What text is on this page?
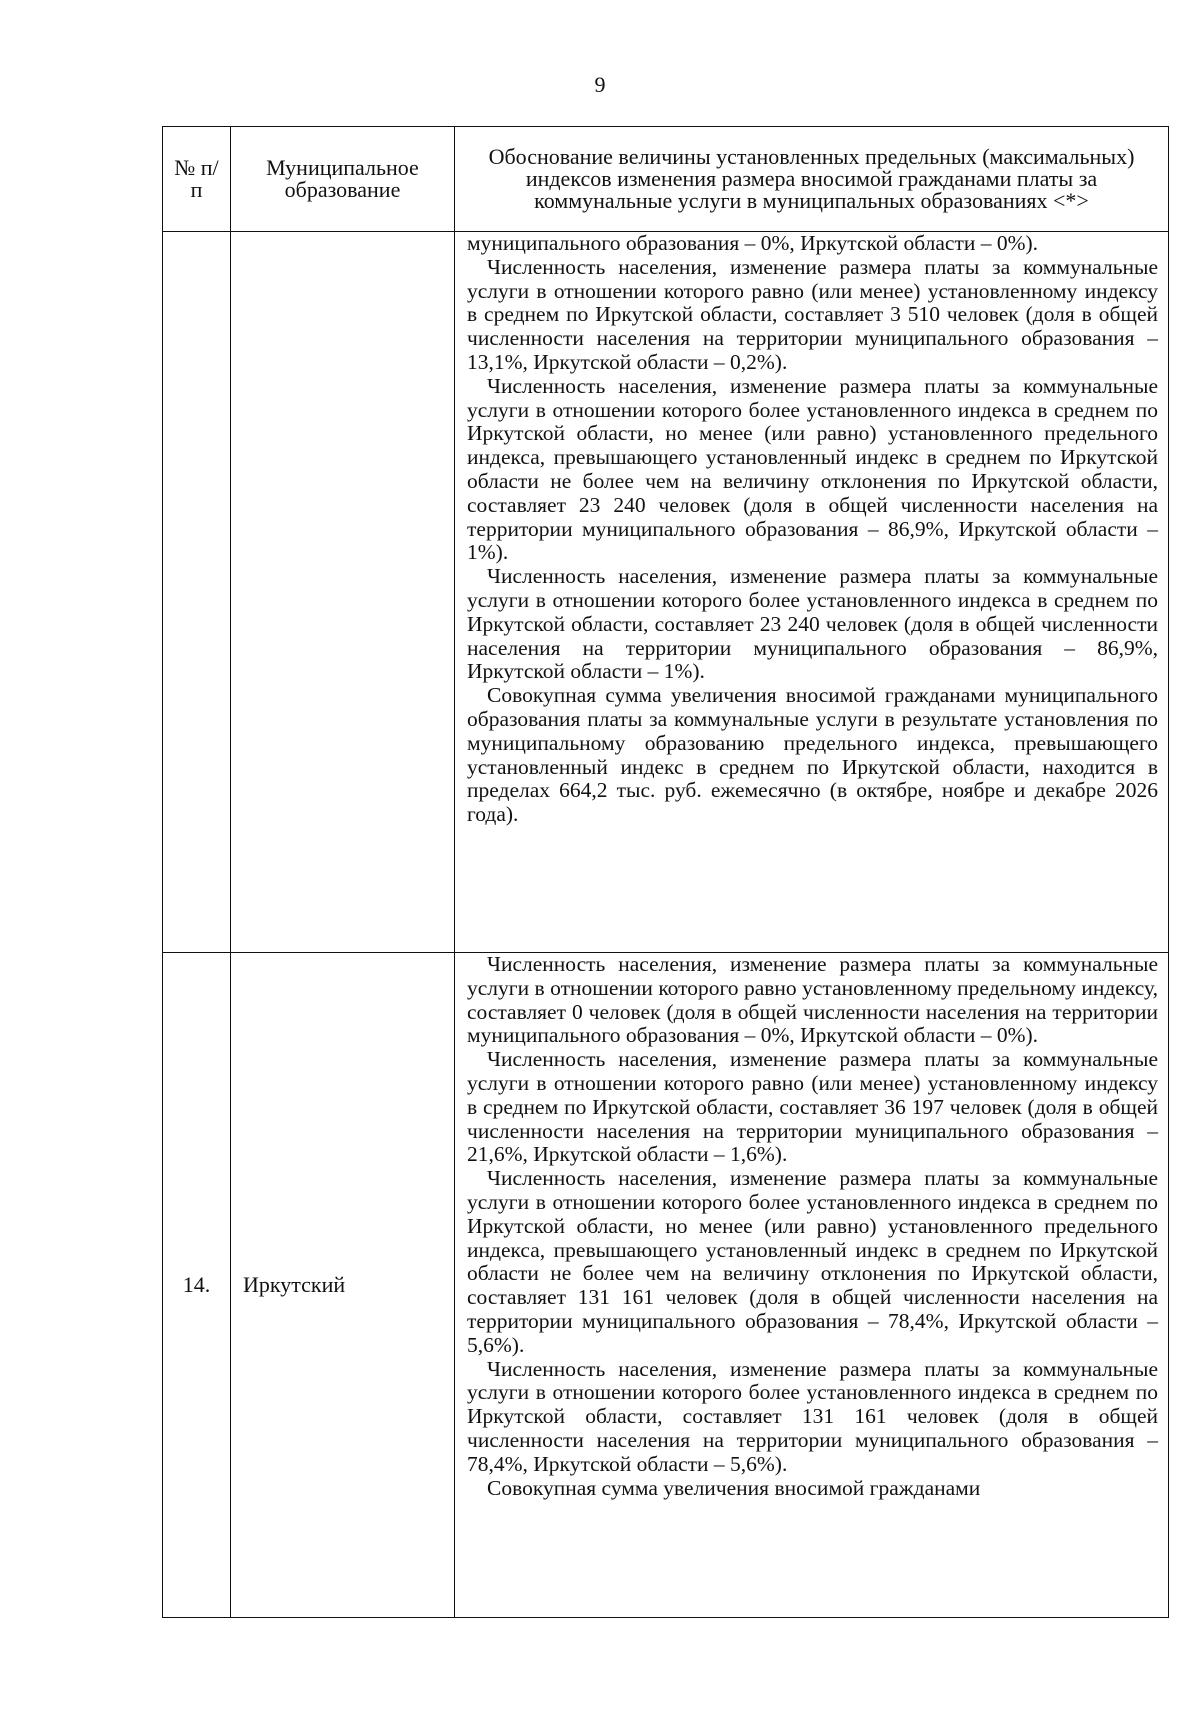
9
№ п/п	Муниципальное образование	Обоснование величины установленных предельных (максимальных) индексов изменения размера вносимой гражданами платы за коммунальные услуги в муниципальных образованиях <*>

		муниципального образования – 0%, Иркутской области – 0%).

Численность населения, изменение размера платы за коммунальные услуги в отношении которого равно (или менее) установленному индексу в среднем по Иркутской области, составляет 3 510 человек (доля в общей численности населения на территории муниципального образования – 13,1%, Иркутской области – 0,2%).

Численность населения, изменение размера платы за коммунальные услуги в отношении которого более установленного индекса в среднем по Иркутской области, но менее (или равно) установленного предельного индекса, превышающего установленный индекс в среднем по Иркутской области не более чем на величину отклонения по Иркутской области, составляет 23 240 человек (доля в общей численности населения на территории муниципального образования – 86,9%, Иркутской области – 1%).

Численность населения, изменение размера платы за коммунальные услуги в отношении которого более установленного индекса в среднем по Иркутской области, составляет 23 240 человек (доля в общей численности населения на территории муниципального образования – 86,9%, Иркутской области – 1%).

Совокупная сумма увеличения вносимой гражданами муниципального образования платы за коммунальные услуги в результате установления по муниципальному образованию предельного индекса, превышающего установленный индекс в среднем по Иркутской области, находится в пределах 664,2 тыс. руб. ежемесячно (в октябре, ноябре и декабре 2026 года).

14.	Иркутский	Численность населения, изменение размера платы за коммунальные услуги в отношении которого равно установленному предельному индексу, составляет 0 человек (доля в общей численности населения на территории муниципального образования – 0%, Иркутской области – 0%).

Численность населения, изменение размера платы за коммунальные услуги в отношении которого равно (или менее) установленному индексу в среднем по Иркутской области, составляет 36 197 человек (доля в общей численности населения на территории муниципального образования – 21,6%, Иркутской области – 1,6%).

Численность населения, изменение размера платы за коммунальные услуги в отношении которого более установленного индекса в среднем по Иркутской области, но менее (или равно) установленного предельного индекса, превышающего установленный индекс в среднем по Иркутской области не более чем на величину отклонения по Иркутской области, составляет 131 161 человек (доля в общей численности населения на территории муниципального образования – 78,4%, Иркутской области – 5,6%).

Численность населения, изменение размера платы за коммунальные услуги в отношении которого более установленного индекса в среднем по Иркутской области, составляет 131 161 человек (доля в общей численности населения на территории муниципального образования – 78,4%, Иркутской области – 5,6%).

Совокупная сумма увеличения вносимой гражданами
